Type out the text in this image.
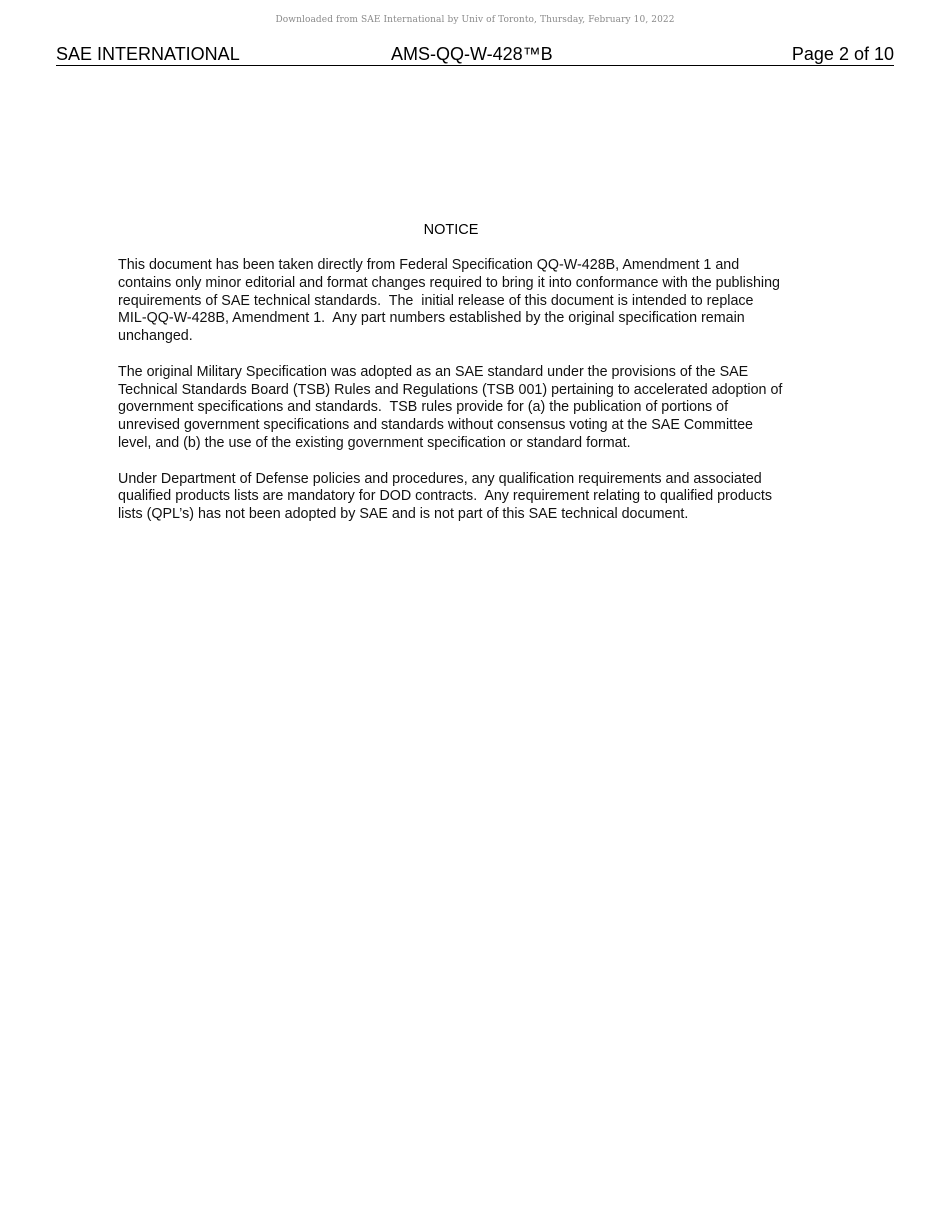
Downloaded from SAE International by Univ of Toronto, Thursday, February 10, 2022
SAE INTERNATIONAL	AMS-QQ-W-428™B	Page 2 of 10
NOTICE

This document has been taken directly from Federal Specification QQ-W-428B, Amendment 1 and contains only minor editorial and format changes required to bring it into conformance with the publishing requirements of SAE technical standards.  The  initial release of this document is intended to replace MIL-QQ-W-428B, Amendment 1.  Any part numbers established by the original specification remain unchanged.

The original Military Specification was adopted as an SAE standard under the provisions of the SAE Technical Standards Board (TSB) Rules and Regulations (TSB 001) pertaining to accelerated adoption of government specifications and standards.  TSB rules provide for (a) the publication of portions of unrevised government specifications and standards without consensus voting at the SAE Committee level, and (b) the use of the existing government specification or standard format.

Under Department of Defense policies and procedures, any qualification requirements and associated qualified products lists are mandatory for DOD contracts.  Any requirement relating to qualified products lists (QPL’s) has not been adopted by SAE and is not part of this SAE technical document.
